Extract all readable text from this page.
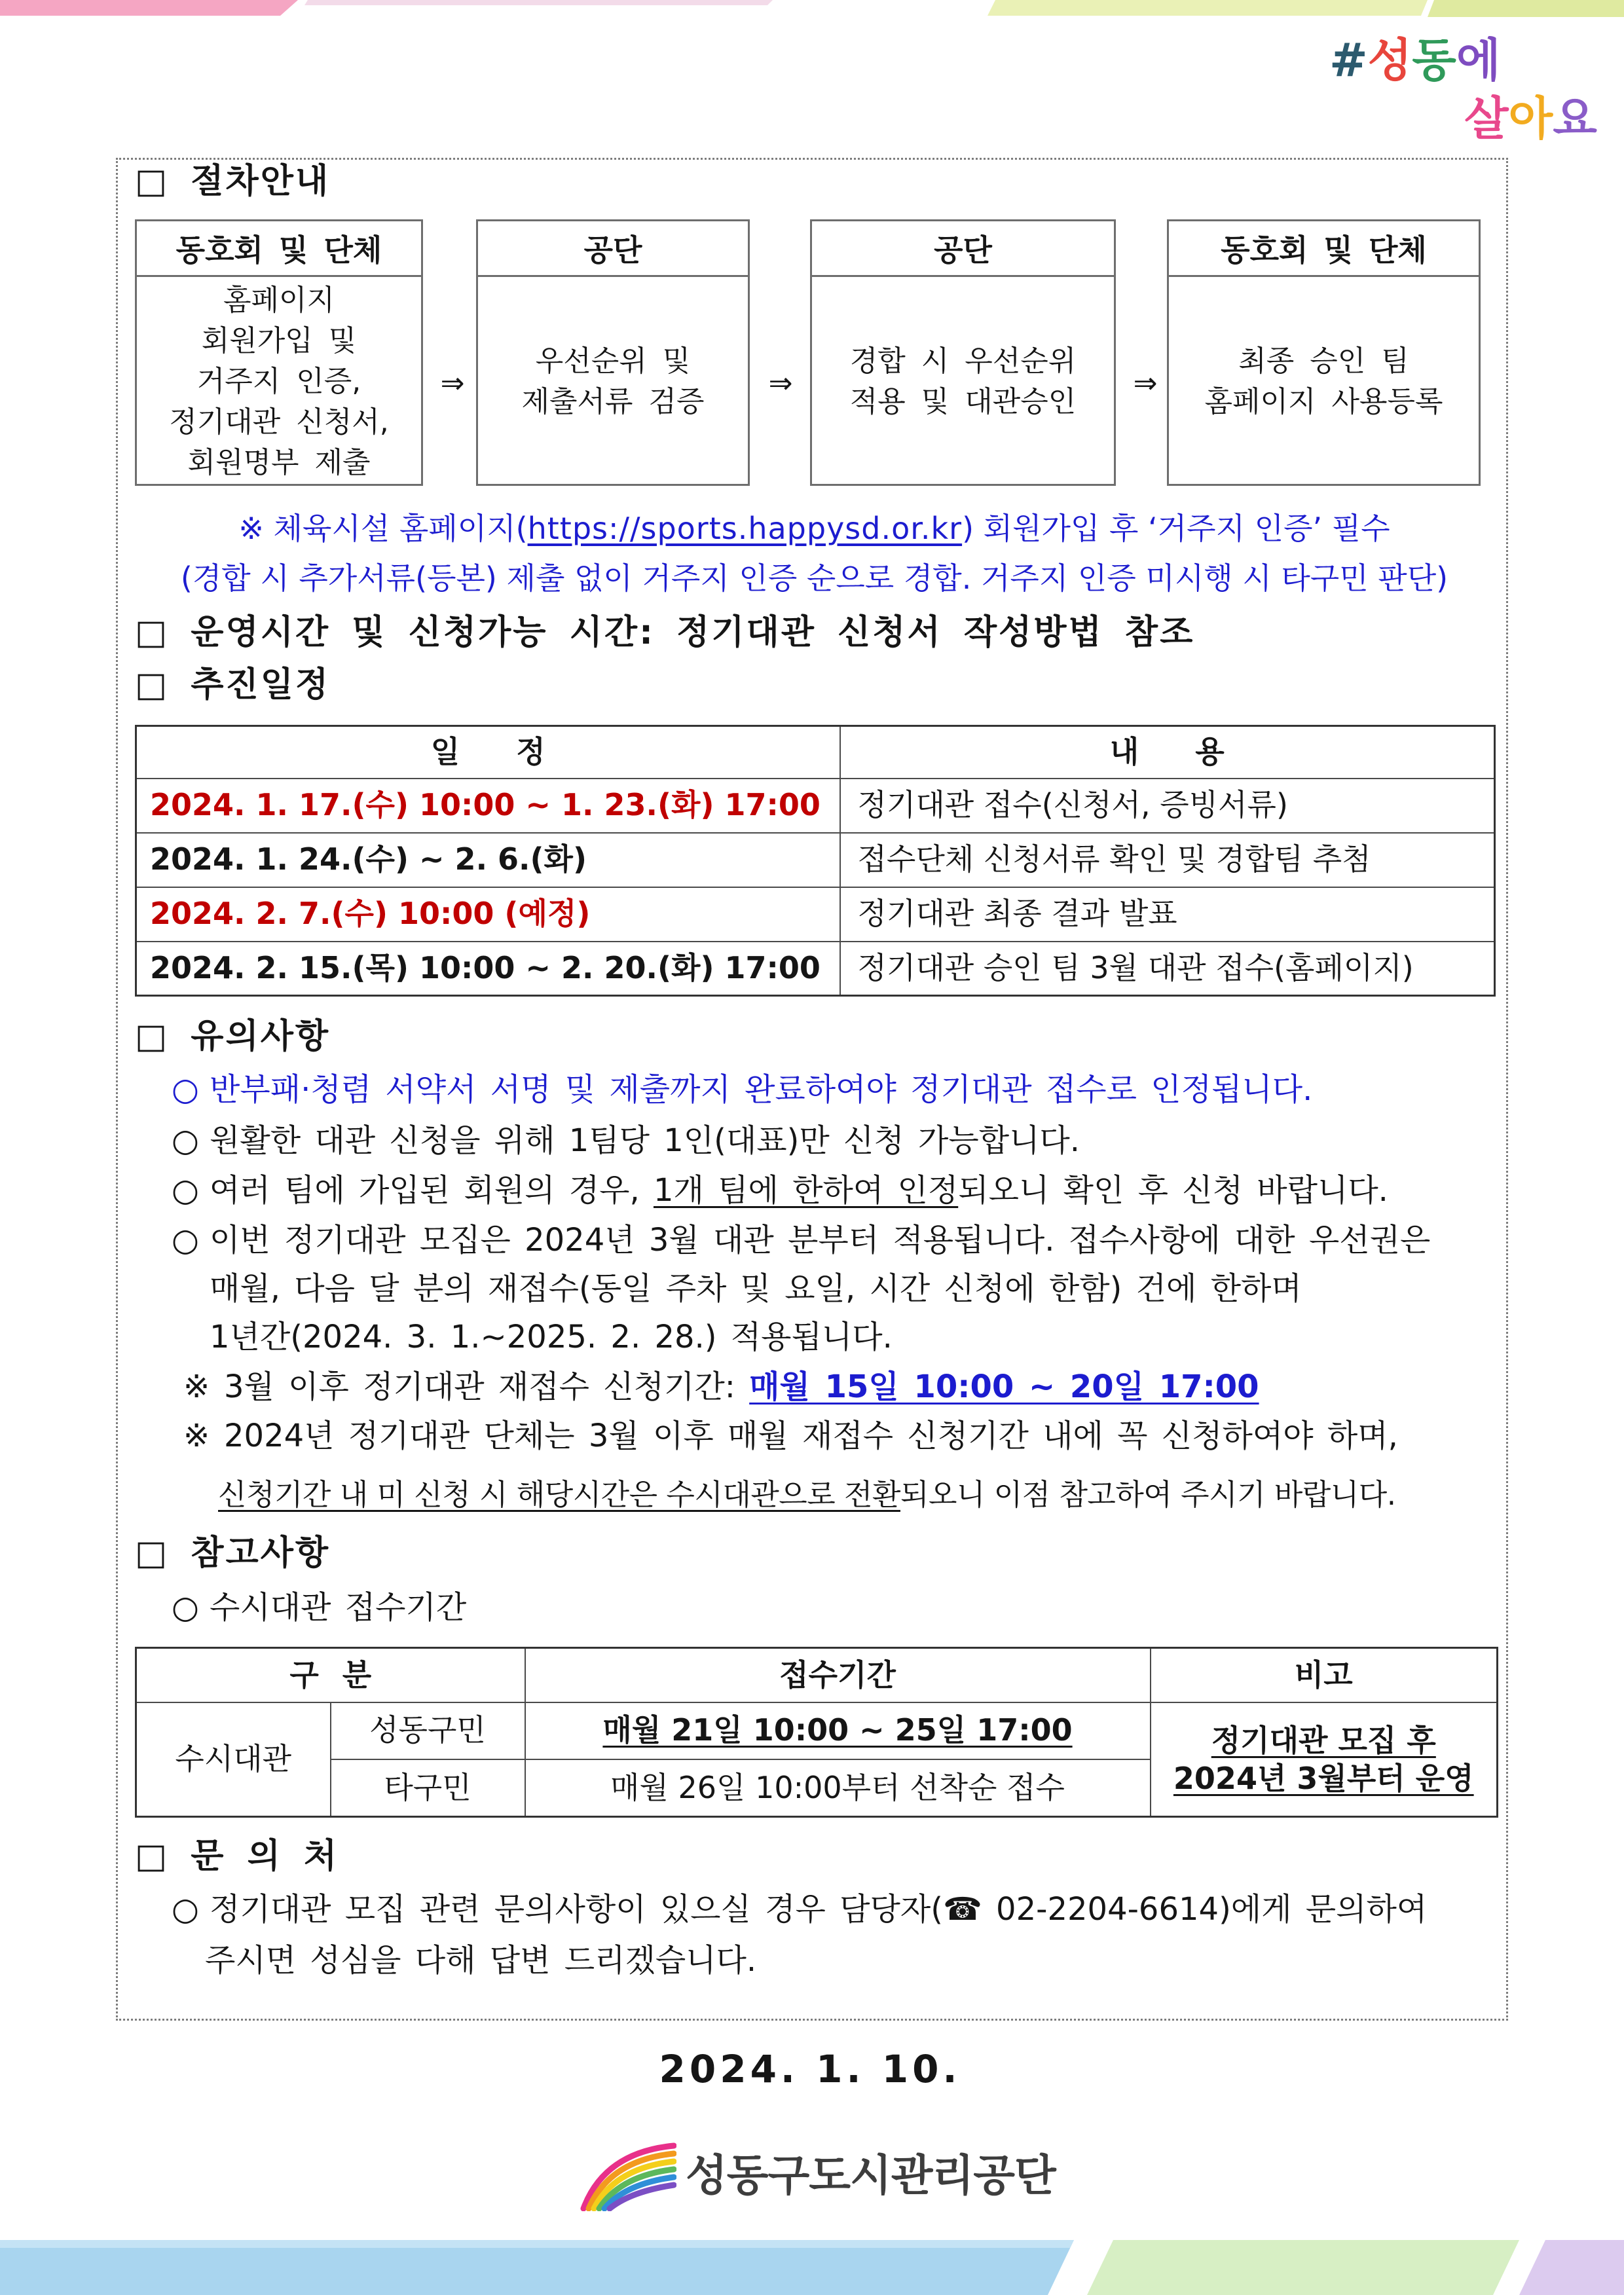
#성동에
살아요
□ 절차안내
동호회 및 단체
홈페이지
회원가입 및
거주지 인증,
정기대관 신청서,
회원명부 제출
⇒
공단
우선순위 및
제출서류 검증
⇒
공단
경합 시 우선순위
적용 및 대관승인
⇒
동호회 및 단체
최종 승인 팀
홈페이지 사용등록
※ 체육시설 홈페이지(https://sports.happysd.or.kr) 회원가입 후 ‘거주지 인증’ 필수
(경합 시 추가서류(등본) 제출 없이 거주지 인증 순으로 경합. 거주지 인증 미시행 시 타구민 판단)
□ 운영시간 및 신청가능 시간: 정기대관 신청서 작성방법 참조
□ 추진일정
일 정	내 용
2024. 1. 17.(수) 10:00 ~ 1. 23.(화) 17:00	정기대관 접수(신청서, 증빙서류)
2024. 1. 24.(수) ~ 2. 6.(화)	접수단체 신청서류 확인 및 경합팀 추첨
2024. 2. 7.(수) 10:00 (예정)	정기대관 최종 결과 발표
2024. 2. 15.(목) 10:00 ~ 2. 20.(화) 17:00	정기대관 승인 팀 3월 대관 접수(홈페이지)
□ 유의사항
○ 반부패·청렴 서약서 서명 및 제출까지 완료하여야 정기대관 접수로 인정됩니다.
○ 원활한 대관 신청을 위해 1팀당 1인(대표)만 신청 가능합니다.
○ 여러 팀에 가입된 회원의 경우, 1개 팀에 한하여 인정되오니 확인 후 신청 바랍니다.
○ 이번 정기대관 모집은 2024년 3월 대관 분부터 적용됩니다. 접수사항에 대한 우선권은
매월, 다음 달 분의 재접수(동일 주차 및 요일, 시간 신청에 한함) 건에 한하며
1년간(2024. 3. 1.~2025. 2. 28.) 적용됩니다.
※ 3월 이후 정기대관 재접수 신청기간: 매월 15일 10:00 ~ 20일 17:00
※ 2024년 정기대관 단체는 3월 이후 매월 재접수 신청기간 내에 꼭 신청하여야 하며,
신청기간 내 미 신청 시 해당시간은 수시대관으로 전환되오니 이점 참고하여 주시기 바랍니다.
□ 참고사항
○ 수시대관 접수기간
구 분		접수기간	비고
수시대관	성동구민	매월 21일 10:00 ~ 25일 17:00	정기대관 모집 후
2024년 3월부터 운영

	타구민	매월 26일 10:00부터 선착순 접수	
□ 문 의 처
○ 정기대관 모집 관련 문의사항이 있으실 경우 담당자(☎ 02-2204-6614)에게 문의하여
주시면 성심을 다해 답변 드리겠습니다.
2024. 1. 10.
성동구도시관리공단
